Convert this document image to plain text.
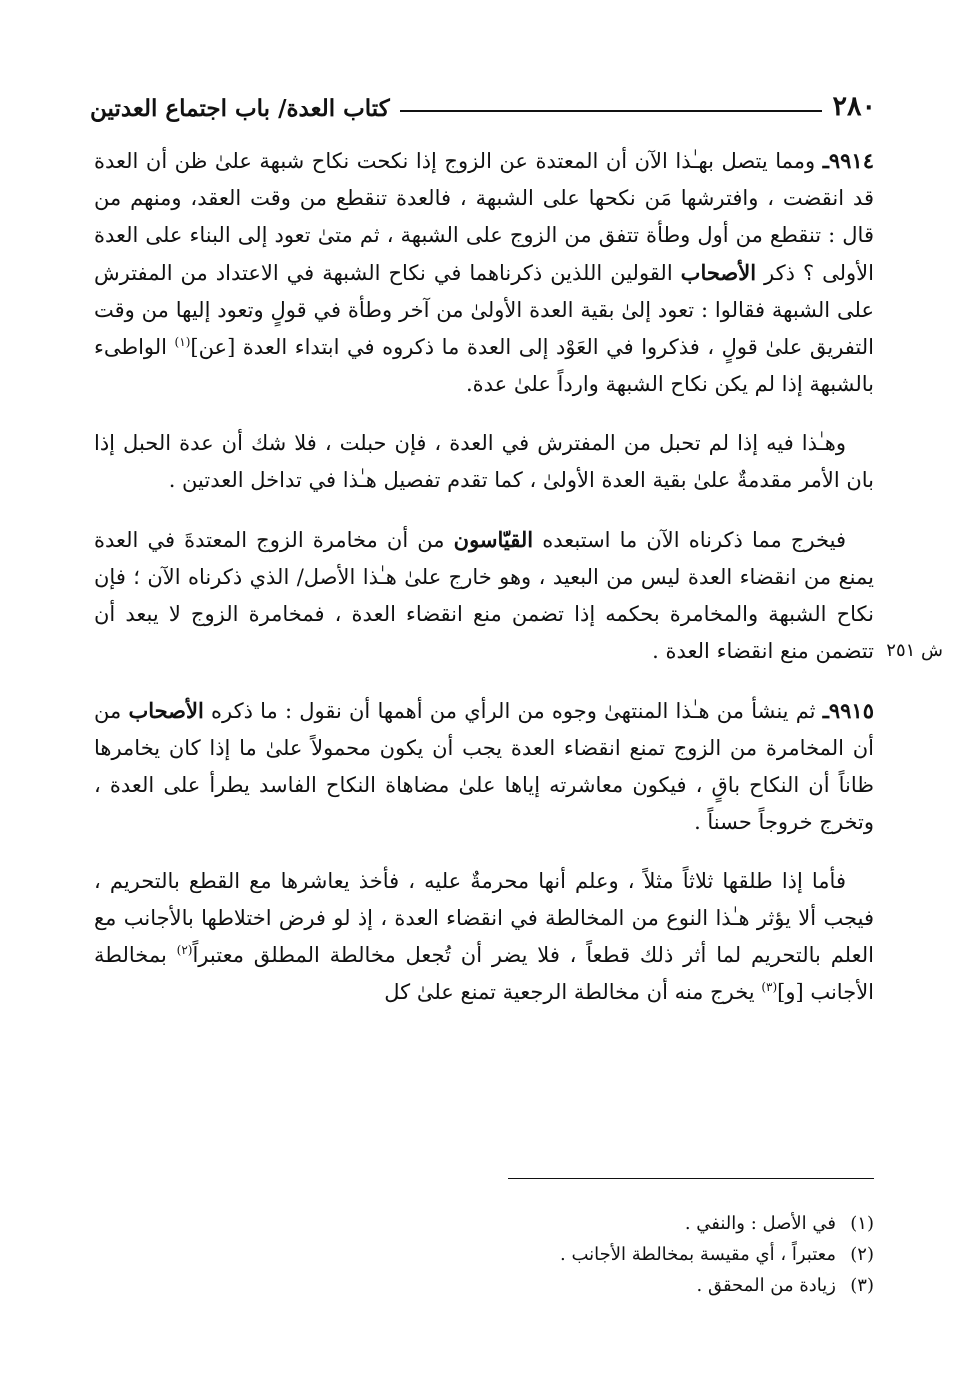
٢٨٠
كتاب العدة/ باب اجتماع العدتين
ش ٢٥١

٩٩١٤ـ ومما يتصل بهـٰذا الآن أن المعتدة عن الزوج إذا نكحت نكاح شبهة علىٰ ظن أن العدة قد انقضت ، وافترشها مَن نكحها على الشبهة ، فالعدة تنقطع من وقت العقد، ومنهم من قال : تنقطع من أول وطأة تتفق من الزوج على الشبهة ، ثم متىٰ تعود إلى البناء على العدة الأولى ؟ ذكر الأصحاب القولين اللذين ذكرناهما في نكاح الشبهة في الاعتداد من المفترش على الشبهة فقالوا : تعود إلىٰ بقية العدة الأولىٰ من آخر وطأة في قولٍ وتعود إليها من وقت التفريق علىٰ قولٍ ، فذكروا في العَوْد إلى العدة ما ذكروه في ابتداء العدة [عن]$^{(١)}$ الواطىء بالشبهة إذا لم يكن نكاح الشبهة وارداً علىٰ عدة.

وهـٰذا فيه إذا لم تحبل من المفترش في العدة ، فإن حبلت ، فلا شك أن عدة الحبل إذا بان الأمر مقدمةٌ علىٰ بقية العدة الأولىٰ ، كما تقدم تفصيل هـٰذا في تداخل العدتين .

فيخرج مما ذكرناه الآن ما استبعده القيّاسون من أن مخامرة الزوج المعتدةَ في العدة يمنع من انقضاء العدة ليس من البعيد ، وهو خارج علىٰ هـٰذا الأصل/ الذي ذكرناه الآن ؛ فإن نكاح الشبهة والمخامرة بحكمه إذا تضمن منع انقضاء العدة ، فمخامرة الزوج لا يبعد أن تتضمن منع انقضاء العدة .

٩٩١٥ـ ثم ينشأ من هـٰذا المنتهىٰ وجوه من الرأي من أهمها أن نقول : ما ذكره الأصحاب من أن المخامرة من الزوج تمنع انقضاء العدة يجب أن يكون محمولاً علىٰ ما إذا كان يخامرها ظاناً أن النكاح باقٍ ، فيكون معاشرته إياها علىٰ مضاهاة النكاح الفاسد يطرأ على العدة ، وتخرج خروجاً حسناً .

فأما إذا طلقها ثلاثاً مثلاً ، وعلم أنها محرمةٌ عليه ، فأخذ يعاشرها مع القطع بالتحريم ، فيجب ألا يؤثر هـٰذا النوع من المخالطة في انقضاء العدة ، إذ لو فرض اختلاطها بالأجانب مع العلم بالتحريم لما أثر ذلك قطعاً ، فلا يضر أن تُجعل مخالطة المطلق معتبراً$^{(٢)}$ بمخالطة الأجانب [و]$^{(٣)}$ يخرج منه أن مخالطة الرجعية تمنع علىٰ كل

(١)
في الأصل : والنفي .
(٢)
معتبراً ، أي مقيسة بمخالطة الأجانب .
(٣)
زيادة من المحقق .
